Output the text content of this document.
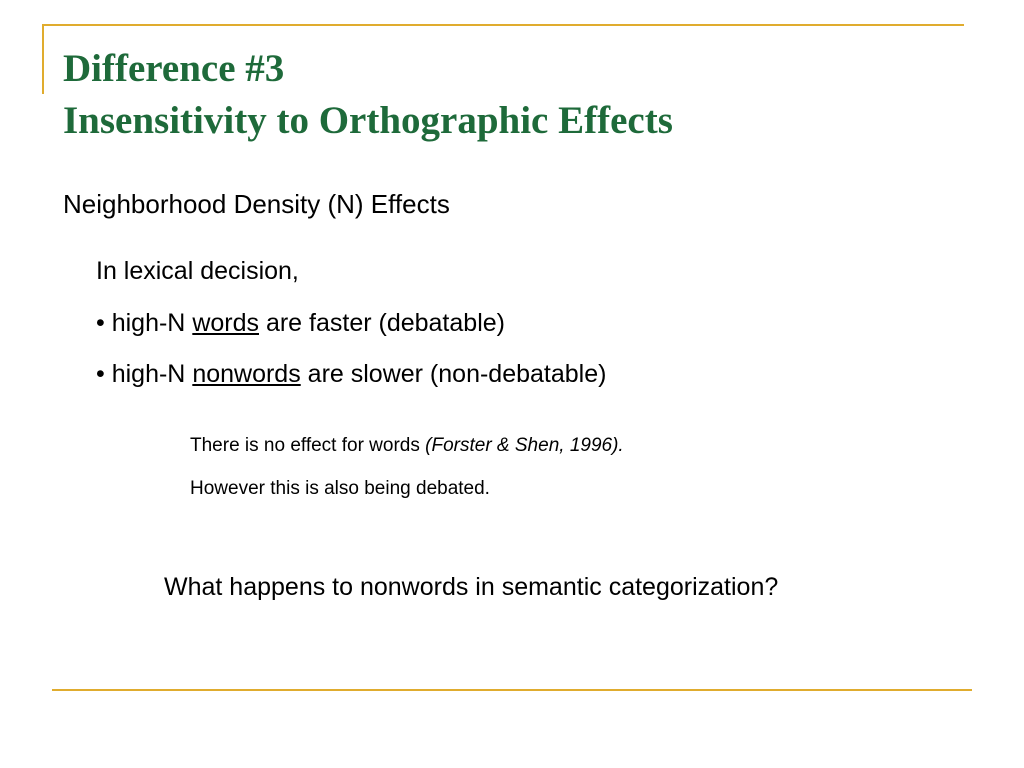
Difference #3
Insensitivity to Orthographic Effects
Neighborhood Density (N) Effects
In lexical decision,
• high-N words are faster (debatable)
• high-N nonwords are slower (non-debatable)
There is no effect for words (Forster & Shen, 1996).
However this is also being debated.
What happens to nonwords in semantic categorization?
